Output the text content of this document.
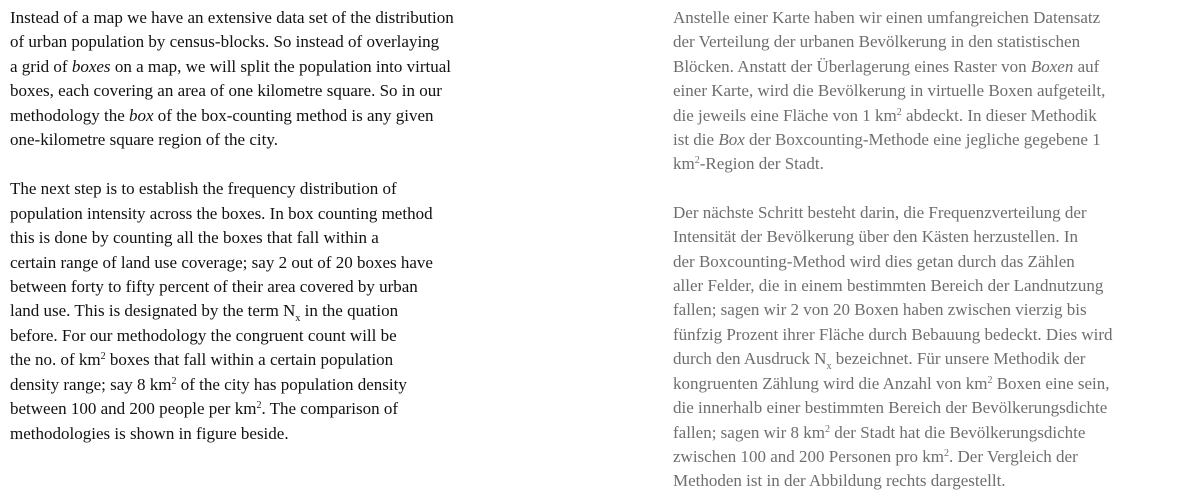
Instead of a map we have an extensive data set of the distribution
of urban population by census-blocks. So instead of overlaying
a grid of boxes on a map, we will split the population into virtual
boxes, each covering an area of one kilometre square. So in our
methodology the box of the box-counting method is any given
one-kilometre square region of the city.

The next step is to establish the frequency distribution of
population intensity across the boxes. In box counting method
this is done by counting all the boxes that fall within a
certain range of land use coverage; say 2 out of 20 boxes have
between forty to fifty percent of their area covered by urban
land use. This is designated by the term $N_x$ in the quation
before. For our methodology the congruent count will be
the no. of $km^2$ boxes that fall within a certain population
density range; say 8 $km^2$ of the city has population density
between 100 and 200 people per $km^2$. The comparison of
methodologies is shown in figure beside.

Anstelle einer Karte haben wir einen umfangreichen Datensatz
der Verteilung der urbanen Bevölkerung in den statistischen
Blöcken. Anstatt der Überlagerung eines Raster von Boxen auf
einer Karte, wird die Bevölkerung in virtuelle Boxen aufgeteilt,
die jeweils eine Fläche von 1 $km^2$ abdeckt. In dieser Methodik
ist die Box der Boxcounting-Methode eine jegliche gegebene 1
$km^2$-Region der Stadt.

Der nächste Schritt besteht darin, die Frequenzverteilung der
Intensität der Bevölkerung über den Kästen herzustellen. In
der Boxcounting-Method wird dies getan durch das Zählen
aller Felder, die in einem bestimmten Bereich der Landnutzung
fallen; sagen wir 2 von 20 Boxen haben zwischen vierzig bis
fünfzig Prozent ihrer Fläche durch Bebauung bedeckt. Dies wird
durch den Ausdruck $N_x$ bezeichnet. Für unsere Methodik der
kongruenten Zählung wird die Anzahl von $km^2$ Boxen eine sein,
die innerhalb einer bestimmten Bereich der Bevölkerungsdichte
fallen; sagen wir 8 $km^2$ der Stadt hat die Bevölkerungsdichte
zwischen 100 and 200 Personen pro $km^2$. Der Vergleich der
Methoden ist in der Abbildung rechts dargestellt.
